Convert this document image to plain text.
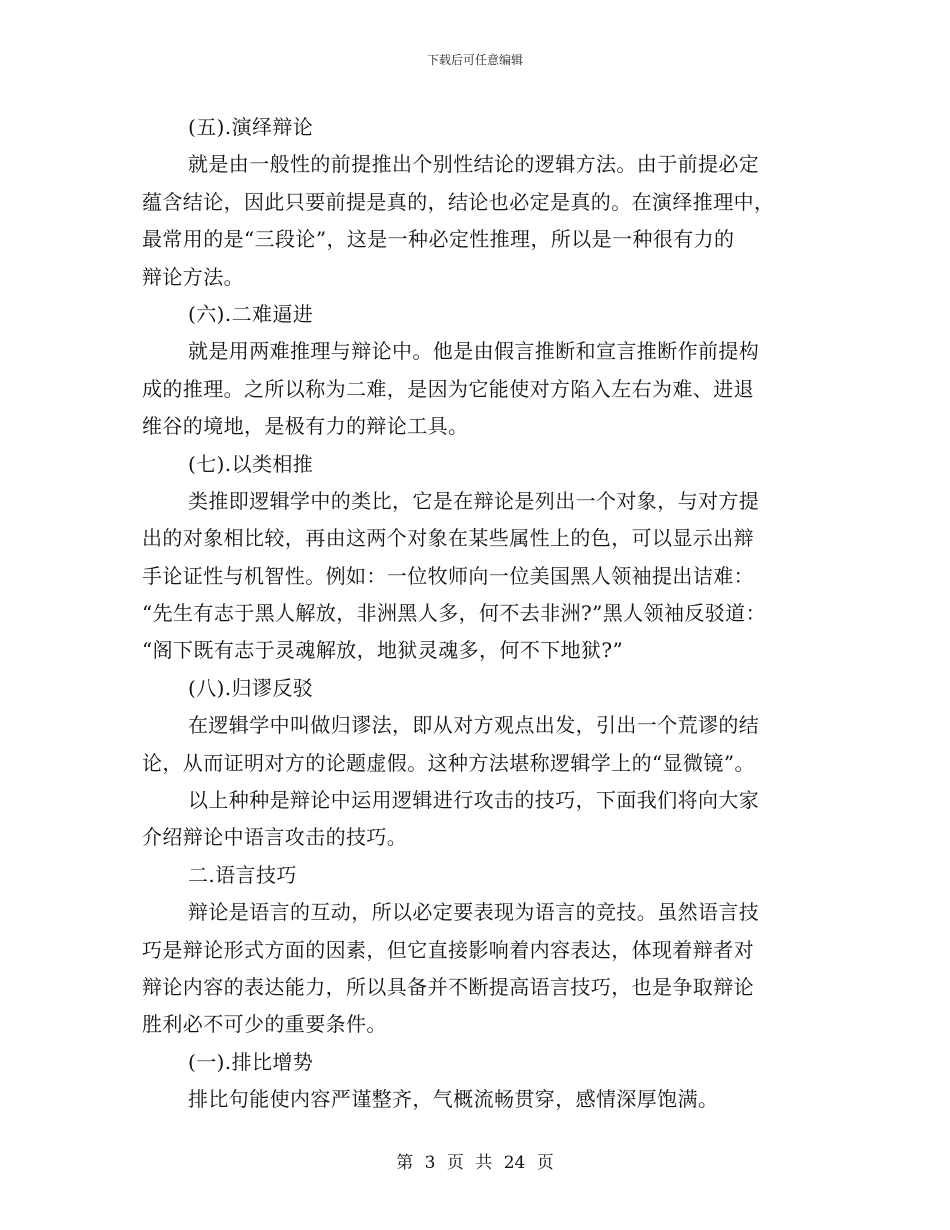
下载后可任意编辑
(五).演绎辩论
就是由一般性的前提推出个别性结论的逻辑方法。由于前提必定
蕴含结论，因此只要前提是真的，结论也必定是真的。在演绎推理中，
最常用的是“三段论”，这是一种必定性推理，所以是一种很有力的
辩论方法。
(六).二难逼进
就是用两难推理与辩论中。他是由假言推断和宣言推断作前提构
成的推理。之所以称为二难，是因为它能使对方陷入左右为难、进退
维谷的境地，是极有力的辩论工具。
(七).以类相推
类推即逻辑学中的类比，它是在辩论是列出一个对象，与对方提
出的对象相比较，再由这两个对象在某些属性上的色，可以显示出辩
手论证性与机智性。例如：一位牧师向一位美国黑人领袖提出诘难：
“先生有志于黑人解放，非洲黑人多，何不去非洲?”黑人领袖反驳道：
“阁下既有志于灵魂解放，地狱灵魂多，何不下地狱?”
(八).归谬反驳
在逻辑学中叫做归谬法，即从对方观点出发，引出一个荒谬的结
论，从而证明对方的论题虚假。这种方法堪称逻辑学上的“显微镜”。
以上种种是辩论中运用逻辑进行攻击的技巧，下面我们将向大家
介绍辩论中语言攻击的技巧。
二.语言技巧
辩论是语言的互动，所以必定要表现为语言的竞技。虽然语言技
巧是辩论形式方面的因素，但它直接影响着内容表达，体现着辩者对
辩论内容的表达能力，所以具备并不断提高语言技巧，也是争取辩论
胜利必不可少的重要条件。
(一).排比增势
排比句能使内容严谨整齐，气概流畅贯穿，感情深厚饱满。
第 3 页 共 24 页
